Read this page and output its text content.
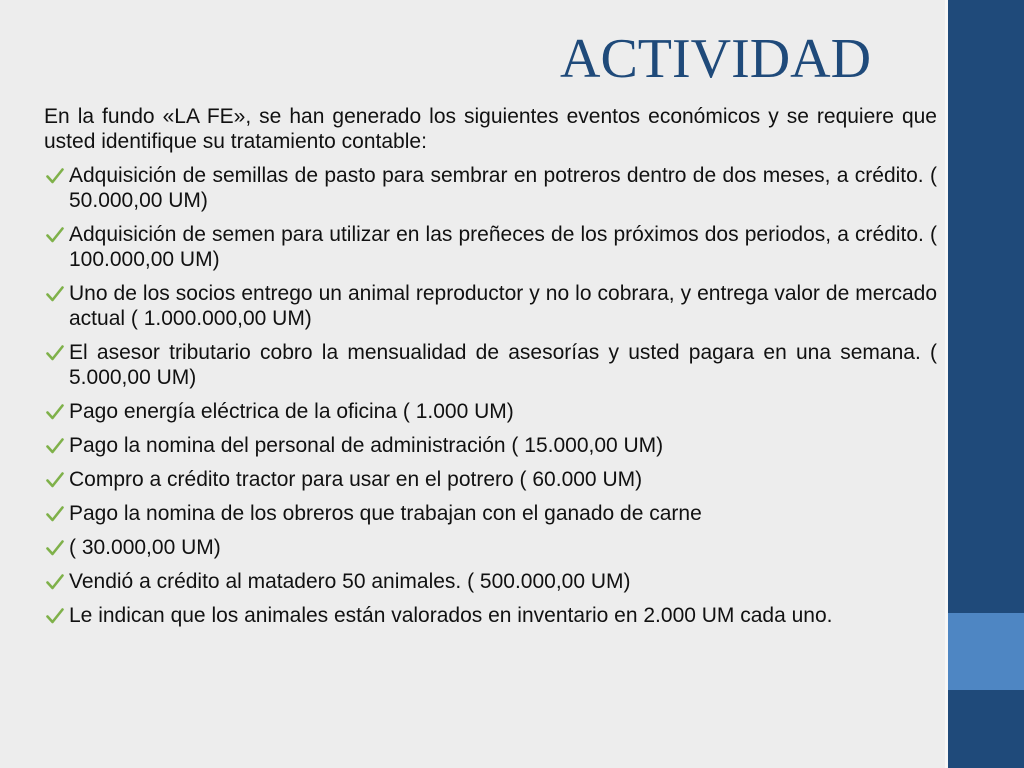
ACTIVIDAD

En la fundo «LA FE», se han generado los siguientes eventos económicos y se requiere que usted identifique su tratamiento contable:

Adquisición de semillas de pasto para sembrar en potreros dentro de dos meses, a crédito. ( 50.000,00 UM)
Adquisición de semen para utilizar en las preñeces de los próximos dos periodos, a crédito. ( 100.000,00 UM)
Uno de los socios entrego un animal reproductor y no lo cobrara, y entrega valor de mercado actual ( 1.000.000,00 UM)
El asesor tributario cobro la mensualidad de asesorías y usted pagara en una semana. ( 5.000,00 UM)
Pago energía eléctrica de la oficina ( 1.000 UM)
Pago la nomina del personal de administración ( 15.000,00 UM)
Compro a crédito tractor para usar en el potrero ( 60.000 UM)
Pago la nomina de los obreros que trabajan con el ganado de carne
( 30.000,00 UM)
Vendió a crédito al matadero 50 animales. ( 500.000,00 UM)
Le indican que los animales están valorados en inventario en 2.000 UM cada uno.
